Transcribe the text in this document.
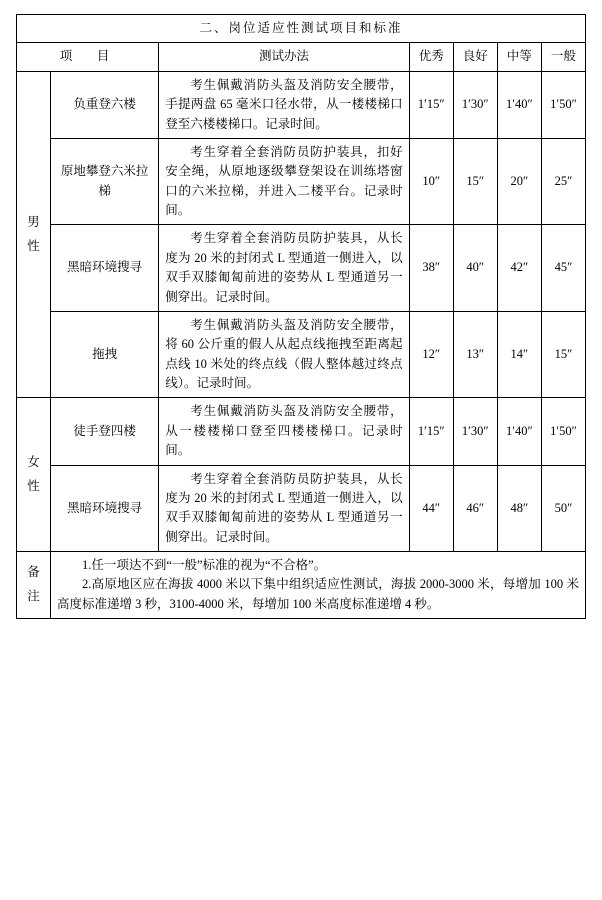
二、岗位适应性测试项目和标准						
项　目		测试办法	优秀	良好	中等	一般

男
性	负重登六楼	考生佩戴消防头盔及消防安全腰带，手提两盘 65 毫米口径水带，从一楼楼梯口登至六楼楼梯口。记录时间。	1′15″	1′30″	1′40″	1′50″
	原地攀登六米拉梯	考生穿着全套消防员防护装具，扣好安全绳，从原地逐级攀登架设在训练塔窗口的六米拉梯，并进入二楼平台。记录时间。	10″	15″	20″	25″
	黑暗环境搜寻	考生穿着全套消防员防护装具，从长度为 20 米的封闭式 L 型通道一侧进入，以双手双膝匍匐前进的姿势从 L 型通道另一侧穿出。记录时间。	38″	40″	42″	45″
	拖拽	考生佩戴消防头盔及消防安全腰带，将 60 公斤重的假人从起点线拖拽至距离起点线 10 米处的终点线（假人整体越过终点线）。记录时间。	12″	13″	14″	15″

女
性	徒手登四楼	考生佩戴消防头盔及消防安全腰带，从一楼楼梯口登至四楼楼梯口。记录时间。	1′15″	1′30″	1′40″	1′50″
	黑暗环境搜寻	考生穿着全套消防员防护装具，从长度为 20 米的封闭式 L 型通道一侧进入，以双手双膝匍匐前进的姿势从 L 型通道另一侧穿出。记录时间。	44″	46″	48″	50″

备
注

1.任一项达不到“一般”标准的视为“不合格”。

2.高原地区应在海拔 4000 米以下集中组织适应性测试，海拔 2000-3000 米，每增加 100 米高度标准递增 3 秒，3100-4000 米，每增加 100 米高度标准递增 4 秒。
